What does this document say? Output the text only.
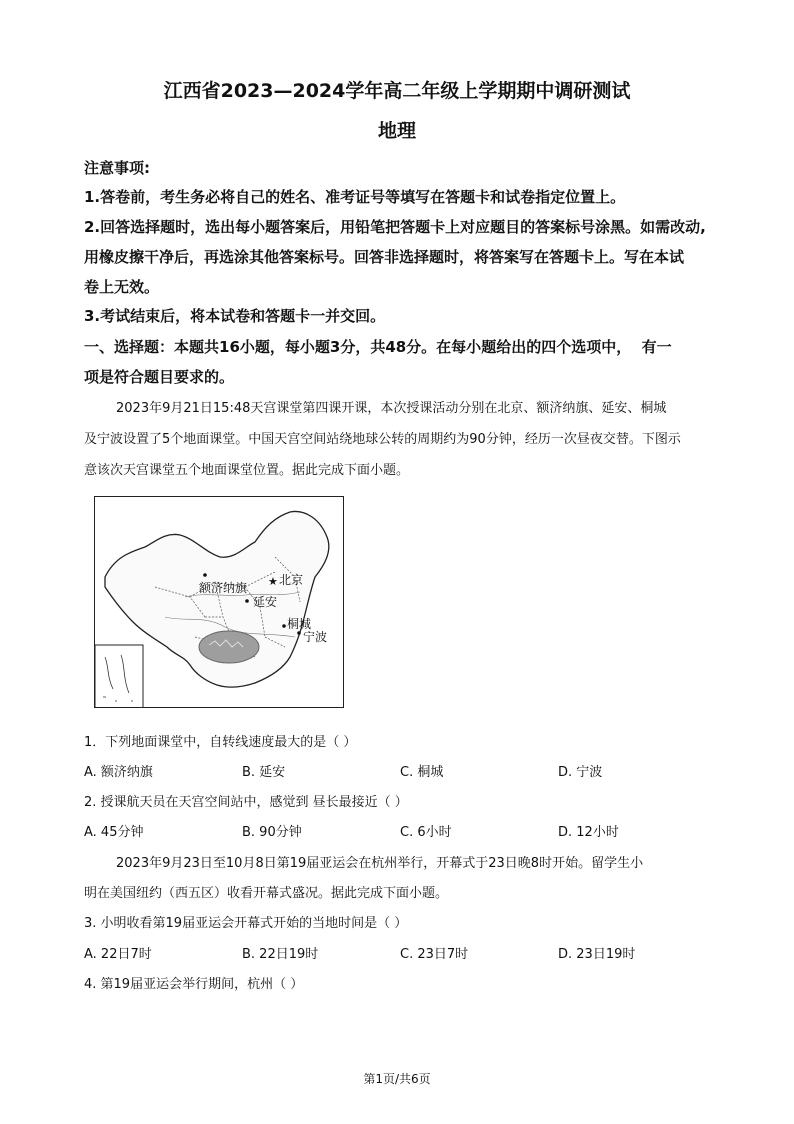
江西省2023—2024学年高二年级上学期期中调研测试
地理
注意事项:
1.答卷前，考生务必将自己的姓名、准考证号等填写在答题卡和试卷指定位置上。
2.回答选择题时，选出每小题答案后，用铅笔把答题卡上对应题目的答案标号涂黑。如需改动,
用橡皮擦干净后，再选涂其他答案标号。回答非选择题时，将答案写在答题卡上。写在本试
卷上无效。
3.考试结束后，将本试卷和答题卡一并交回。
一、选择题：本题共16小题，每小题3分，共48分。在每小题给出的四个选项中，  有一
项是符合题目要求的。
2023年9月21日15:48天宫课堂第四课开课，本次授课活动分别在北京、额济纳旗、延安、桐城
及宁波设置了5个地面课堂。中国天宫空间站绕地球公转的周期约为90分钟，经历一次昼夜交替。下图示
意该次天宫课堂五个地面课堂位置。据此完成下面小题。
★
额济纳旗
北京
延安
桐城
宁波
1．下列地面课堂中，自转线速度最大的是（ ）
A. 额济纳旗	B. 延安	C. 桐城	D. 宁波
2. 授课航天员在天宫空间站中，感觉到 昼长最接近（ ）
A. 45分钟	B. 90分钟	C. 6小时	D. 12小时
2023年9月23日至10月8日第19届亚运会在杭州举行，开幕式于23日晚8时开始。留学生小
明在美国纽约（西五区）收看开幕式盛况。据此完成下面小题。
3. 小明收看第19届亚运会开幕式开始的当地时间是（ ）
A. 22日7时	B. 22日19时	C. 23日7时	D. 23日19时
4. 第19届亚运会举行期间，杭州（ ）
第1页/共6页
